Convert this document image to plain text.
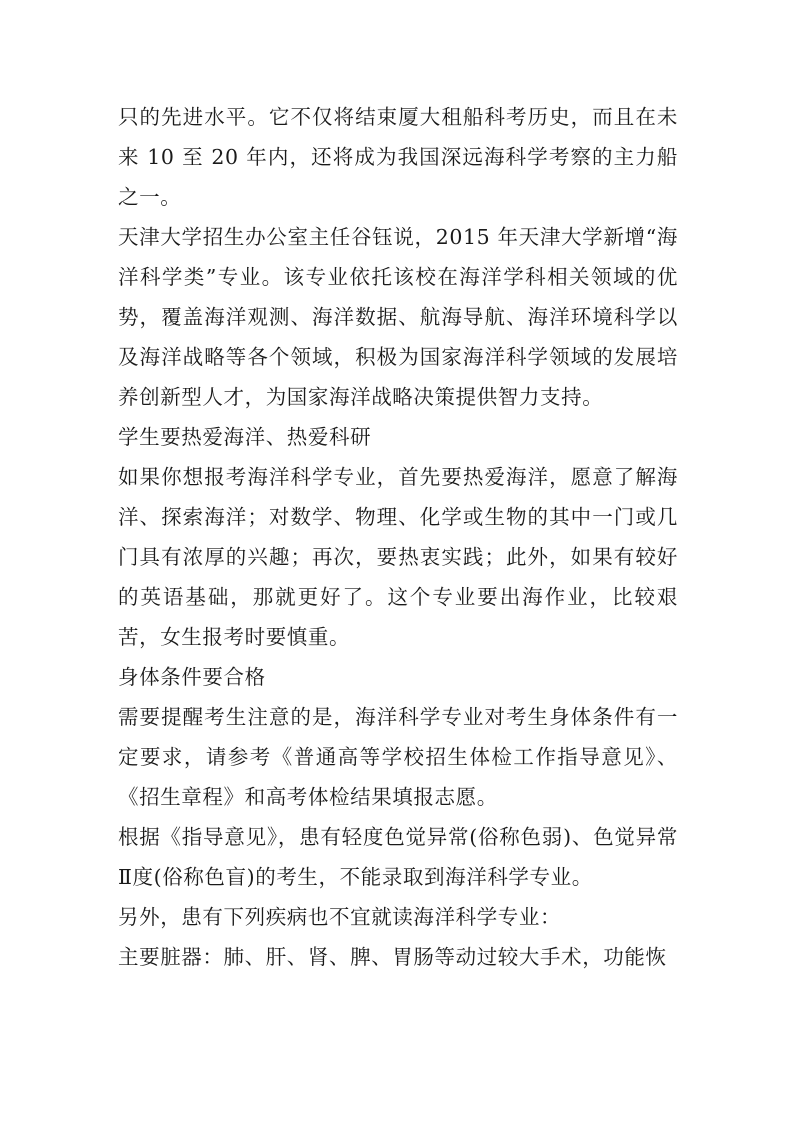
只的先进水平。它不仅将结束厦大租船科考历史，而且在未来 10 至 20 年内，还将成为我国深远海科学考察的主力船之一。

天津大学招生办公室主任谷钰说，2015 年天津大学新增“海洋科学类”专业。该专业依托该校在海洋学科相关领域的优势，覆盖海洋观测、海洋数据、航海导航、海洋环境科学以及海洋战略等各个领域，积极为国家海洋科学领域的发展培养创新型人才，为国家海洋战略决策提供智力支持。

学生要热爱海洋、热爱科研

如果你想报考海洋科学专业，首先要热爱海洋，愿意了解海洋、探索海洋；对数学、物理、化学或生物的其中一门或几门具有浓厚的兴趣；再次，要热衷实践；此外，如果有较好的英语基础，那就更好了。这个专业要出海作业，比较艰苦，女生报考时要慎重。

身体条件要合格

需要提醒考生注意的是，海洋科学专业对考生身体条件有一定要求，请参考《普通高等学校招生体检工作指导意见》、《招生章程》和高考体检结果填报志愿。

根据《指导意见》，患有轻度色觉异常(俗称色弱)、色觉异常Ⅱ度(俗称色盲)的考生，不能录取到海洋科学专业。

另外，患有下列疾病也不宜就读海洋科学专业：

主要脏器：肺、肝、肾、脾、胃肠等动过较大手术，功能恢
